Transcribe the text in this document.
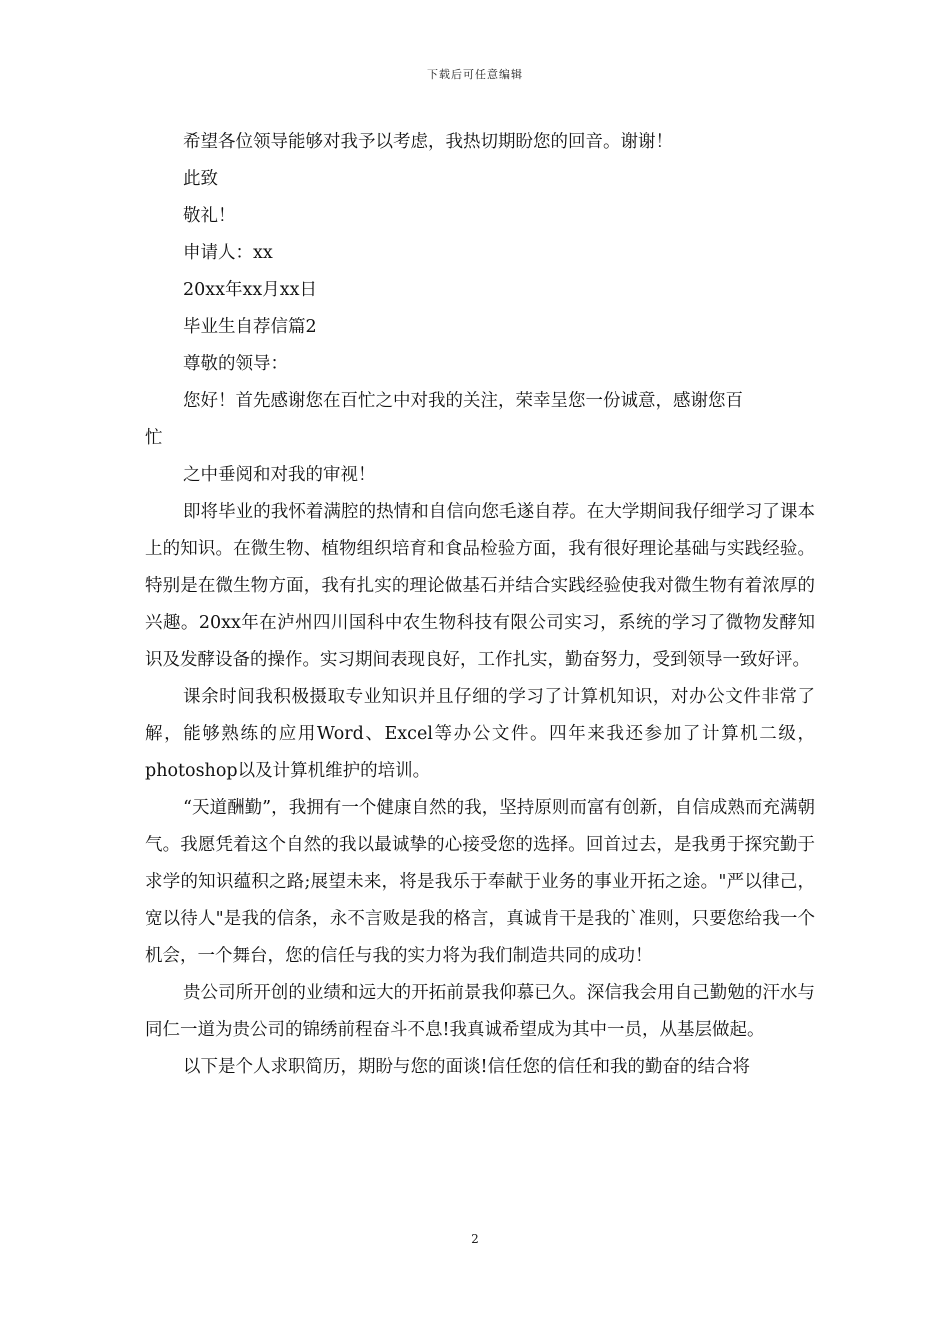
下载后可任意编辑
希望各位领导能够对我予以考虑，我热切期盼您的回音。谢谢！
此致
敬礼！
申请人：xx
20xx年xx月xx日
毕业生自荐信篇2
尊敬的领导：
您好！首先感谢您在百忙之中对我的关注，荣幸呈您一份诚意，感谢您百
忙
之中垂阅和对我的审视！

即将毕业的我怀着满腔的热情和自信向您毛遂自荐。在大学期间我仔细学习了课本上的知识。在微生物、植物组织培育和食品检验方面，我有很好理论基础与实践经验。特别是在微生物方面，我有扎实的理论做基石并结合实践经验使我对微生物有着浓厚的兴趣。20xx年在泸州四川国科中农生物科技有限公司实习，系统的学习了微物发酵知识及发酵设备的操作。实习期间表现良好，工作扎实，勤奋努力，受到领导一致好评。

课余时间我积极摄取专业知识并且仔细的学习了计算机知识，对办公文件非常了解，能够熟练的应用Word、Excel等办公文件。四年来我还参加了计算机二级，photoshop以及计算机维护的培训。

“天道酬勤”，我拥有一个健康自然的我，坚持原则而富有创新，自信成熟而充满朝气。我愿凭着这个自然的我以最诚挚的心接受您的选择。回首过去，是我勇于探究勤于求学的知识蕴积之路;展望未来，将是我乐于奉献于业务的事业开拓之途。"严以律己，宽以待人"是我的信条，永不言败是我的格言，真诚肯干是我的`准则，只要您给我一个机会，一个舞台，您的信任与我的实力将为我们制造共同的成功！

贵公司所开创的业绩和远大的开拓前景我仰慕已久。深信我会用自己勤勉的汗水与同仁一道为贵公司的锦绣前程奋斗不息!我真诚希望成为其中一员，从基层做起。

以下是个人求职简历，期盼与您的面谈!信任您的信任和我的勤奋的结合将

2
